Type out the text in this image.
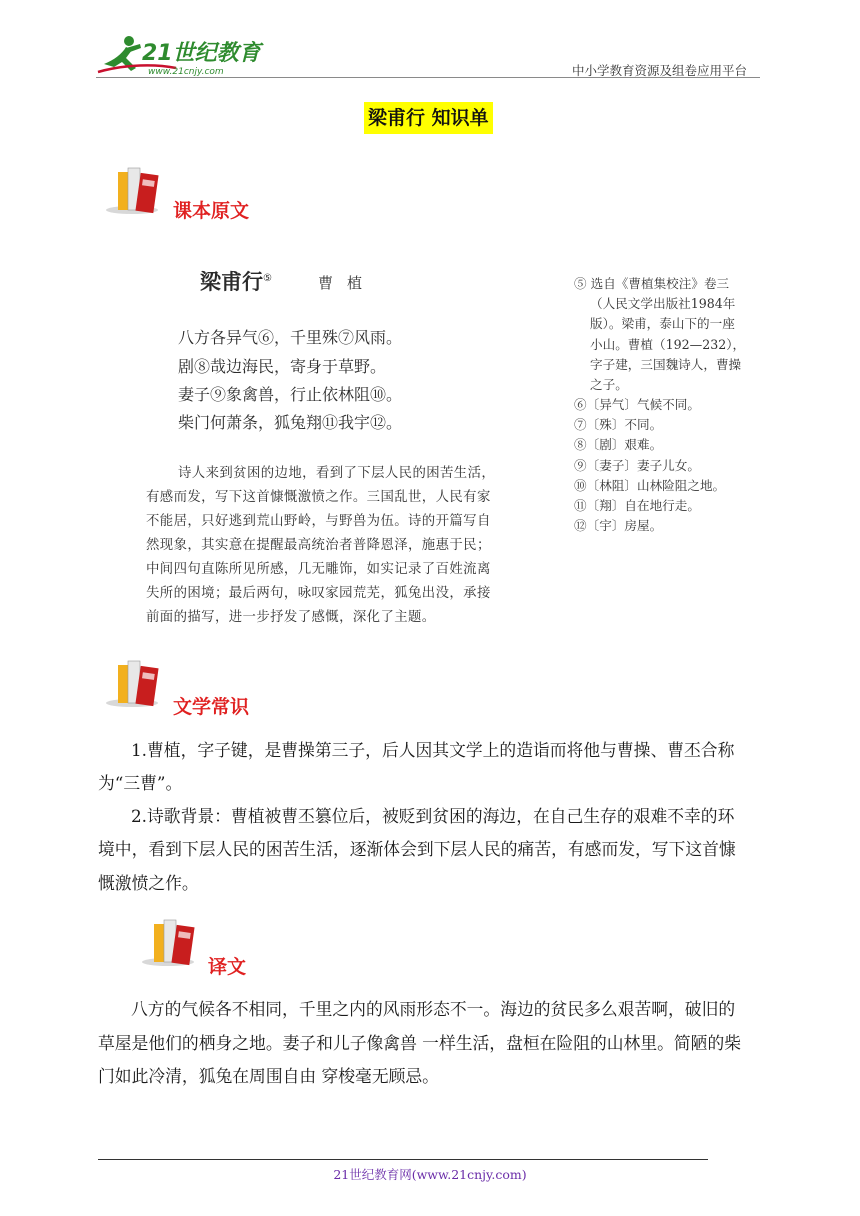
21世纪教育
www.21cnjy.com	中小学教育资源及组卷应用平台
梁甫行 知识单
课本原文
梁甫行⑤	曹植
八方各异气⑥，千里殊⑦风雨。
剧⑧哉边海民，寄身于草野。
妻子⑨象禽兽，行止依林阻⑩。
柴门何萧条，狐兔翔⑪我宇⑫。
诗人来到贫困的边地，看到了下层人民的困苦生活，
有感而发，写下这首慷慨激愤之作。三国乱世，人民有家
不能居，只好逃到荒山野岭，与野兽为伍。诗的开篇写自
然现象，其实意在提醒最高统治者普降恩泽，施惠于民；
中间四句直陈所见所感，几无雕饰，如实记录了百姓流离
失所的困境；最后两句，咏叹家园荒芜，狐兔出没，承接
前面的描写，进一步抒发了感慨，深化了主题。
⑤ 选自《曹植集校注》卷三
（人民文学出版社1984年
版）。梁甫，泰山下的一座
小山。曹植（192—232），
字子建，三国魏诗人，曹操
之子。
⑥〔异气〕气候不同。
⑦〔殊〕不同。
⑧〔剧〕艰难。
⑨〔妻子〕妻子儿女。
⑩〔林阻〕山林险阻之地。
⑪〔翔〕自在地行走。
⑫〔宇〕房屋。
文学常识
1.曹植，字子键，是曹操第三子，后人因其文学上的造诣而将他与曹操、曹丕合称
为“三曹”。
2.诗歌背景：曹植被曹丕篡位后，被贬到贫困的海边，在自己生存的艰难不幸的环
境中，看到下层人民的困苦生活，逐渐体会到下层人民的痛苦，有感而发，写下这首慷
慨激愤之作。
译文
八方的气候各不相同，千里之内的风雨形态不一。海边的贫民多么艰苦啊，破旧的
草屋是他们的栖身之地。妻子和儿子像禽兽 一样生活，盘桓在险阻的山林里。简陋的柴
门如此冷清，狐兔在周围自由 穿梭毫无顾忌。
21世纪教育网(www.21cnjy.com)
